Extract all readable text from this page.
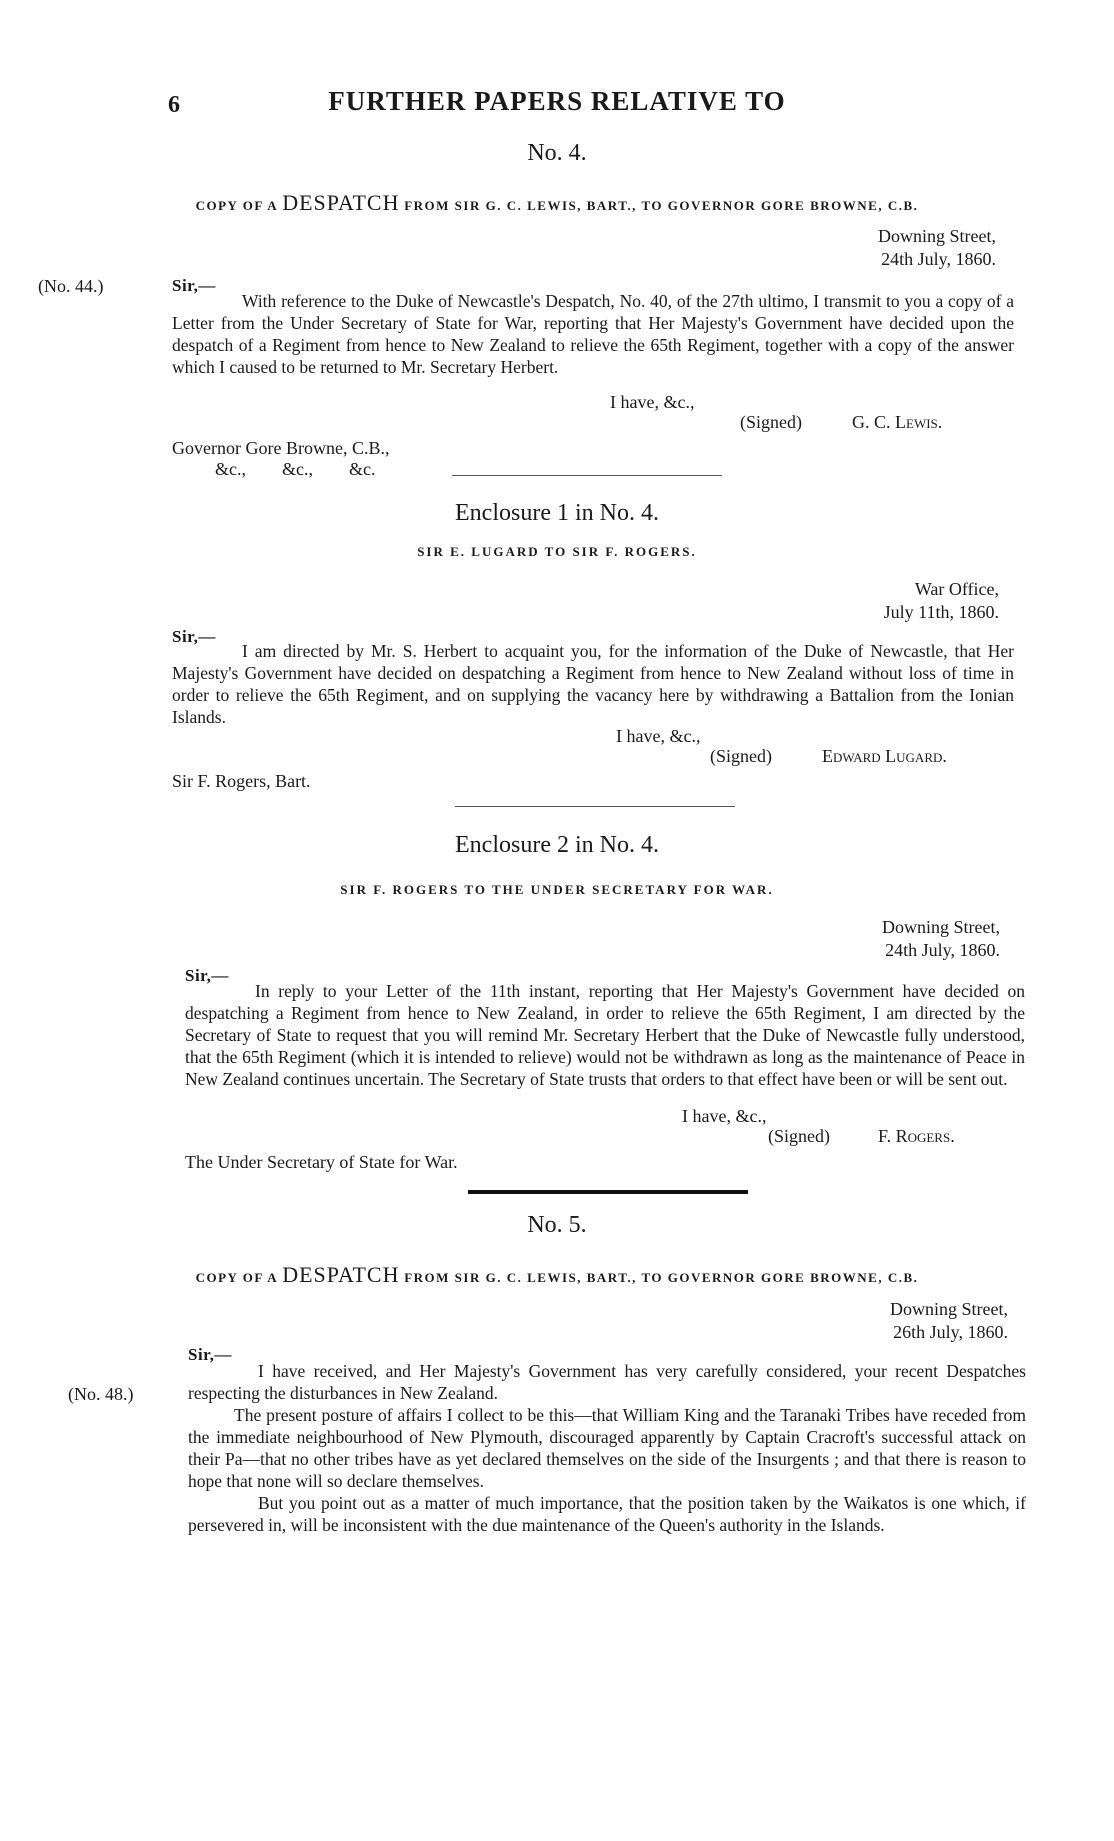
6	FURTHER PAPERS RELATIVE TO
No. 4.
COPY OF A DESPATCH FROM SIR G. C. LEWIS, BART., TO GOVERNOR GORE BROWNE, C.B.
Downing Street,
24th July, 1860.
(No. 44.)	Sir,—

With reference to the Duke of Newcastle's Despatch, No. 40, of the 27th ultimo, I transmit to you a copy of a Letter from the Under Secretary of State for War, reporting that Her Majesty's Government have decided upon the despatch of a Regiment from hence to New Zealand to relieve the 65th Regiment, together with a copy of the answer which I caused to be returned to Mr. Secretary Herbert.

I have, &c.,
(Signed)	G. C. Lewis.
Governor Gore Browne, C.B.,
&c.,        &c.,        &c.
Enclosure 1 in No. 4.
SIR E. LUGARD TO SIR F. ROGERS.
War Office,
July 11th, 1860.
Sir,—

I am directed by Mr. S. Herbert to acquaint you, for the information of the Duke of Newcastle, that Her Majesty's Government have decided on despatching a Regiment from hence to New Zealand without loss of time in order to relieve the 65th Regiment, and on supplying the vacancy here by withdrawing a Battalion from the Ionian Islands.

I have, &c.,
(Signed)	Edward Lugard.
Sir F. Rogers, Bart.
Enclosure 2 in No. 4.
SIR F. ROGERS TO THE UNDER SECRETARY FOR WAR.
Downing Street,
24th July, 1860.
Sir,—

In reply to your Letter of the 11th instant, reporting that Her Majesty's Government have decided on despatching a Regiment from hence to New Zealand, in order to relieve the 65th Regiment, I am directed by the Secretary of State to request that you will remind Mr. Secretary Herbert that the Duke of Newcastle fully understood, that the 65th Regiment (which it is intended to relieve) would not be withdrawn as long as the maintenance of Peace in New Zealand continues uncertain. The Secretary of State trusts that orders to that effect have been or will be sent out.

I have, &c.,
(Signed)	F. Rogers.
The Under Secretary of State for War.
No. 5.
COPY OF A DESPATCH FROM SIR G. C. LEWIS, BART., TO GOVERNOR GORE BROWNE, C.B.
Downing Street,
26th July, 1860.
Sir,—
(No. 48.)

I have received, and Her Majesty's Government has very carefully considered, your recent Despatches respecting the disturbances in New Zealand.

The present posture of affairs I collect to be this—that William King and the Taranaki Tribes have receded from the immediate neighbourhood of New Plymouth, discouraged apparently by Captain Cracroft's successful attack on their Pa—that no other tribes have as yet declared themselves on the side of the Insurgents ; and that there is reason to hope that none will so declare themselves.

But you point out as a matter of much importance, that the position taken by the Waikatos is one which, if persevered in, will be inconsistent with the due maintenance of the Queen's authority in the Islands.
